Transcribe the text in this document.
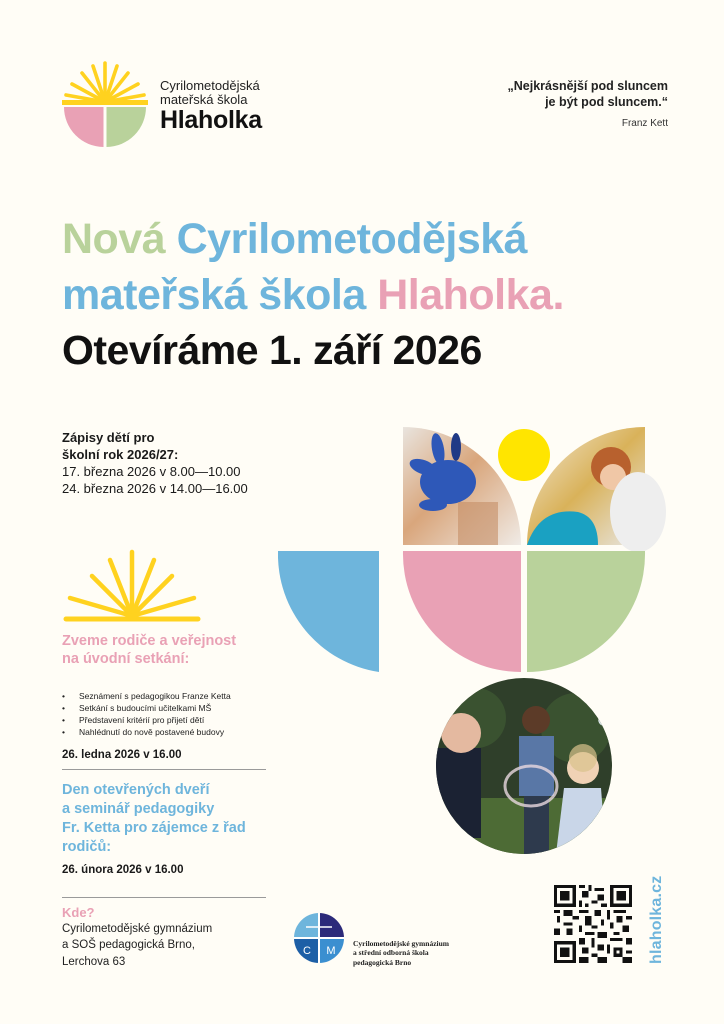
Cyrilometodějská
mateřská škola
Hlaholka
„Nejkrásnější pod sluncem
je být pod sluncem.“
Franz Kett
Nová Cyrilometodějská
mateřská škola Hlaholka.
Otevíráme 1. září 2026
Zápisy dětí pro
školní rok 2026/27:
17. března 2026 v 8.00—10.00
24. března 2026 v 14.00—16.00
Zveme rodiče a veřejnost
na úvodní setkání:
• Seznámení s pedagogikou Franze Ketta
• Setkání s budoucími učitelkami MŠ
• Představení kritérií pro přijetí dětí
• Nahlédnutí do nově postavené budovy
26. ledna 2026 v 16.00
Den otevřených dveří
a seminář pedagogiky
Fr. Ketta pro zájemce z řad
rodičů:
26. února 2026 v 16.00
Kde?
Cyrilometodějské gymnázium
a SOŠ pedagogická Brno,
Lerchova 63
C M
Cyrilometodějské gymnázium
a střední odborná škola
pedagogická Brno	hlaholka.cz
